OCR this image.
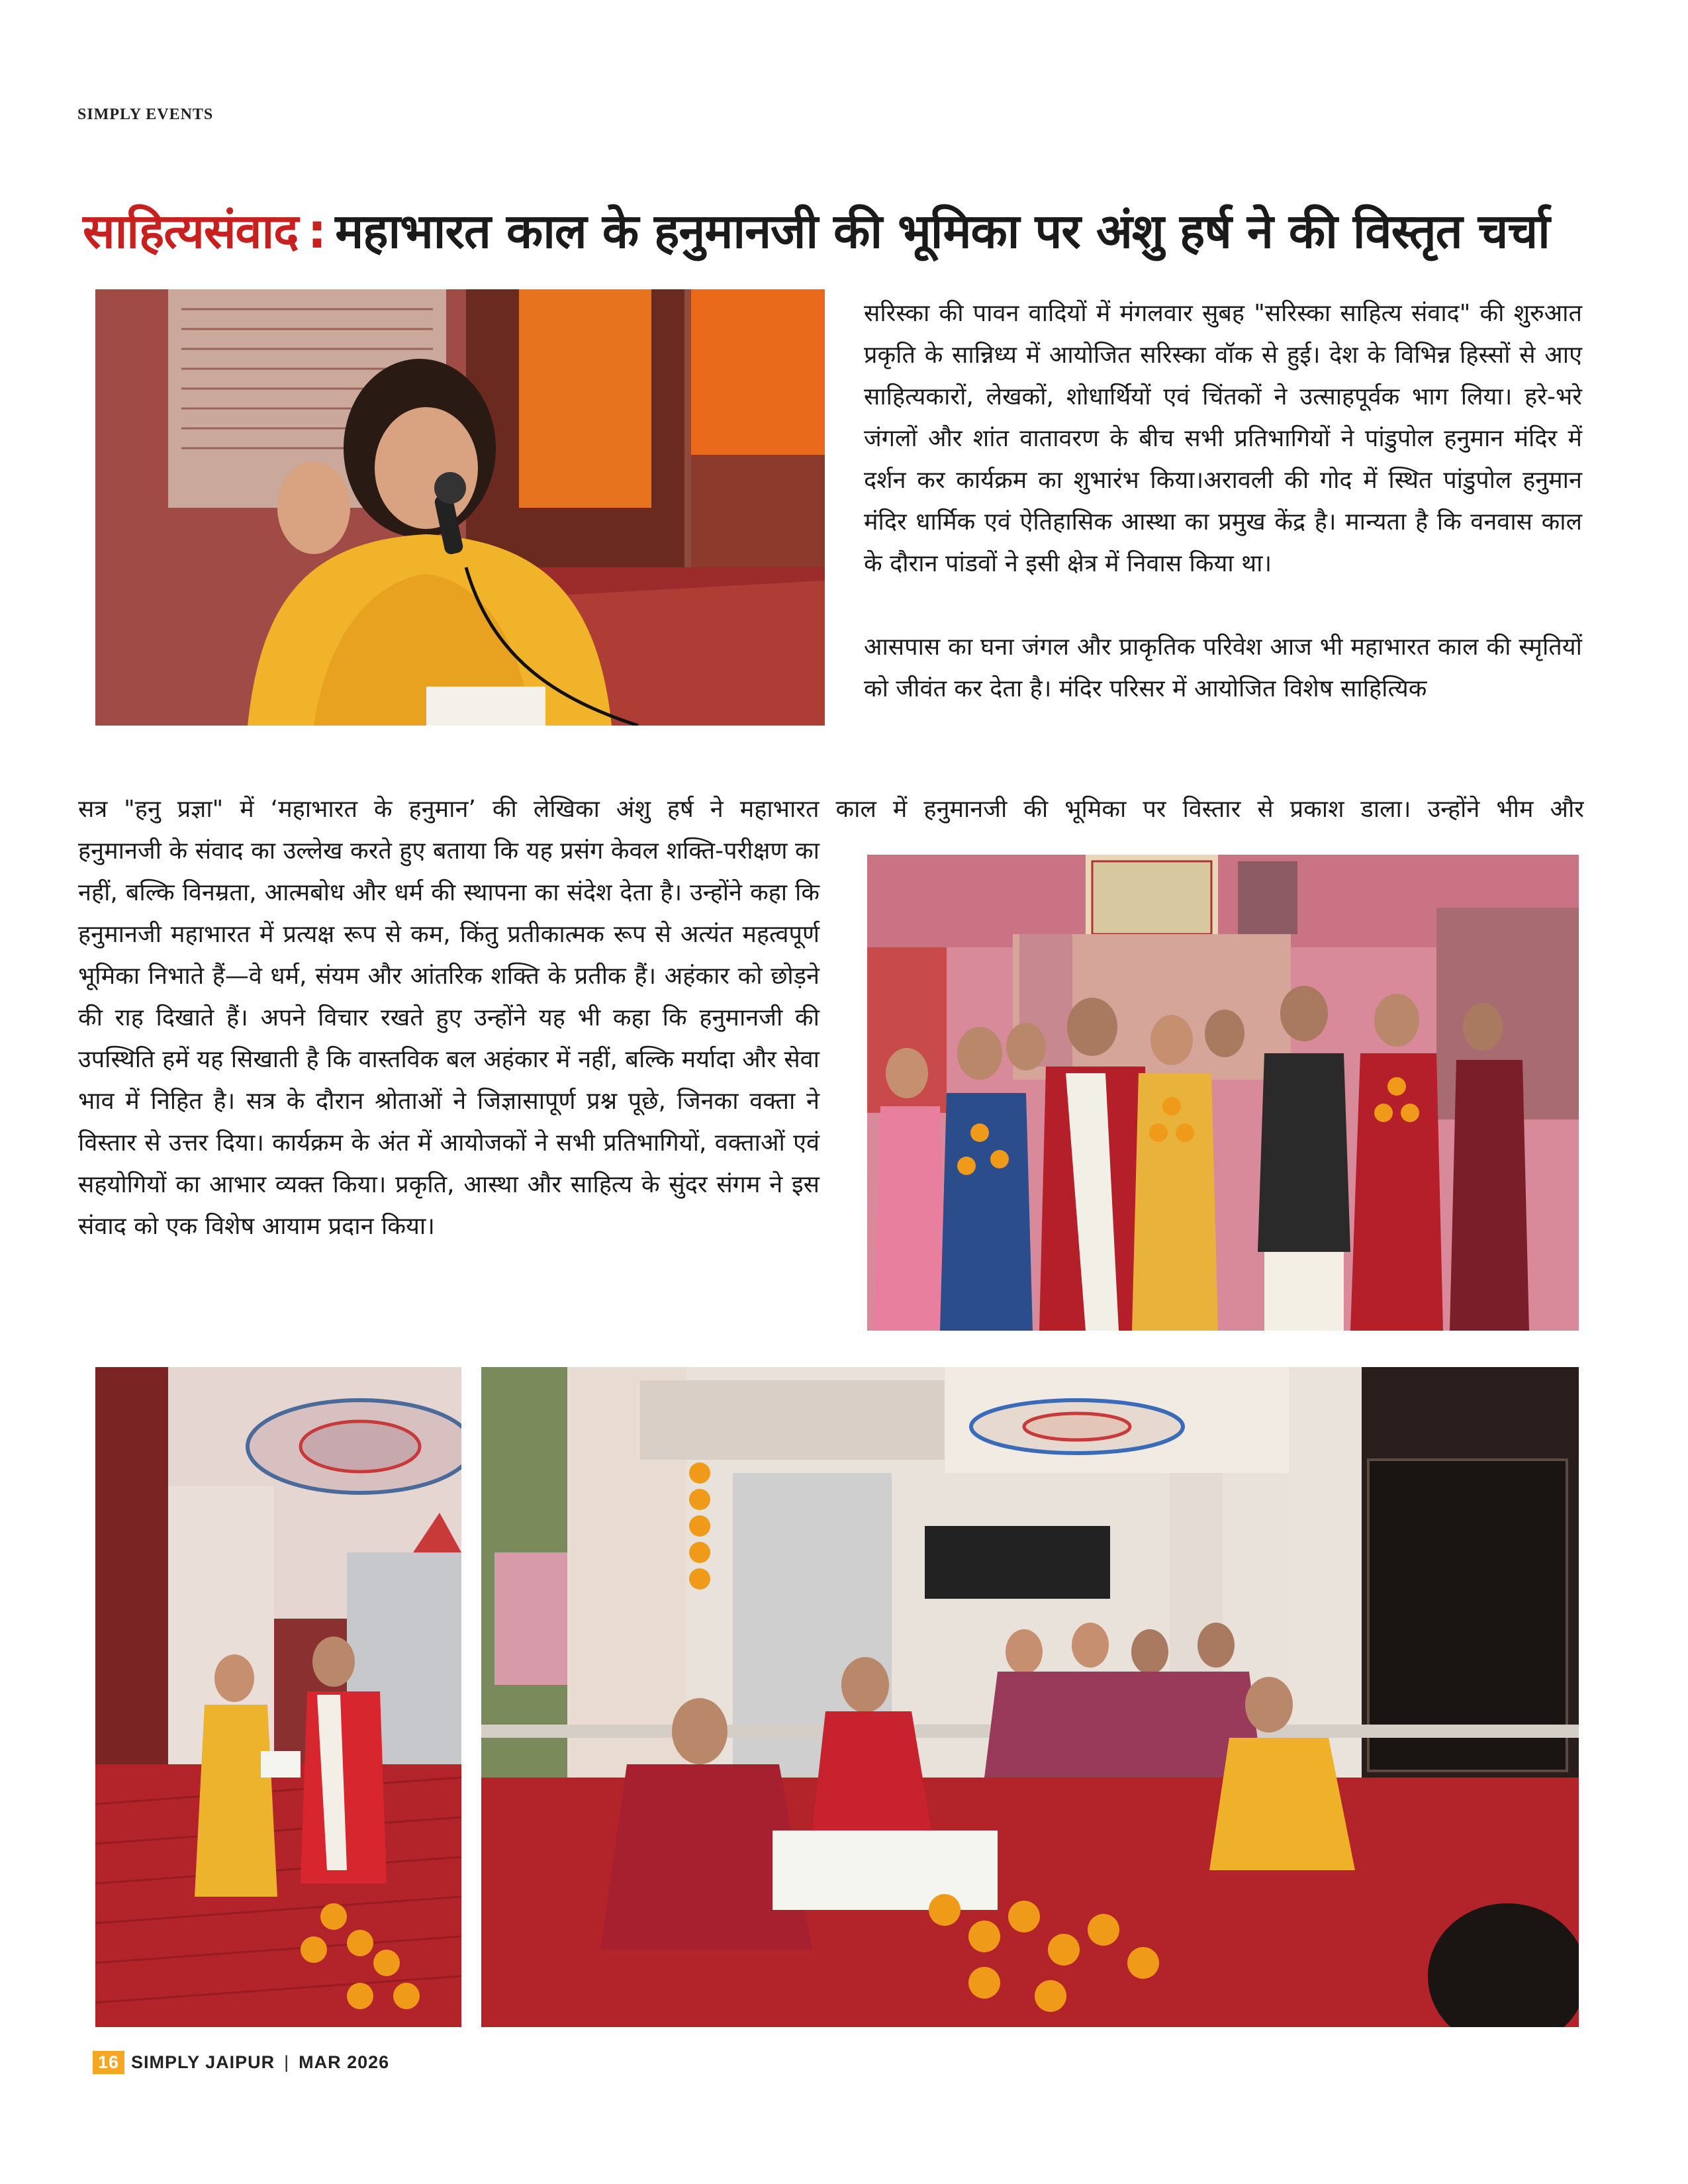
SIMPLY EVENTS
साहित्यसंवाद : महाभारत काल के हनुमानजी की भूमिका पर अंशु हर्ष ने की विस्तृत चर्चा

सरिस्का की पावन वादियों में मंगलवार सुबह "सरिस्का साहित्य संवाद" की शुरुआत प्रकृति के सान्निध्य में आयोजित सरिस्का वॉक से हुई। देश के विभिन्न हिस्सों से आए साहित्यकारों, लेखकों, शोधार्थियों एवं चिंतकों ने उत्साहपूर्वक भाग लिया। हरे-भरे जंगलों और शांत वातावरण के बीच सभी प्रतिभागियों ने पांडुपोल हनुमान मंदिर में दर्शन कर कार्यक्रम का शुभारंभ किया।अरावली की गोद में स्थित पांडुपोल हनुमान मंदिर धार्मिक एवं ऐतिहासिक आस्था का प्रमुख केंद्र है। मान्यता है कि वनवास काल के दौरान पांडवों ने इसी क्षेत्र में निवास किया था।

आसपास का घना जंगल और प्राकृतिक परिवेश आज भी महाभारत काल की स्मृतियों को जीवंत कर देता है। मंदिर परिसर में आयोजित विशेष साहित्यिक

सत्र "हनु प्रज्ञा" में ‘महाभारत के हनुमान’ की लेखिका अंशु हर्ष ने महाभारत काल में हनुमानजी की भूमिका पर विस्तार से प्रकाश डाला। उन्होंने भीम और
हनुमानजी के संवाद का उल्लेख करते हुए बताया कि यह प्रसंग केवल शक्ति-परीक्षण का नहीं, बल्कि विनम्रता, आत्मबोध और धर्म की स्थापना का संदेश देता है। उन्होंने कहा कि हनुमानजी महाभारत में प्रत्यक्ष रूप से कम, किंतु प्रतीकात्मक रूप से अत्यंत महत्वपूर्ण भूमिका निभाते हैं—वे धर्म, संयम और आंतरिक शक्ति के प्रतीक हैं। अहंकार को छोड़ने की राह दिखाते हैं। अपने विचार रखते हुए उन्होंने यह भी कहा कि हनुमानजी की उपस्थिति हमें यह सिखाती है कि वास्तविक बल अहंकार में नहीं, बल्कि मर्यादा और सेवा भाव में निहित है। सत्र के दौरान श्रोताओं ने जिज्ञासापूर्ण प्रश्न पूछे, जिनका वक्ता ने विस्तार से उत्तर दिया। कार्यक्रम के अंत में आयोजकों ने सभी प्रतिभागियों, वक्ताओं एवं सहयोगियों का आभार व्यक्त किया। प्रकृति, आस्था और साहित्य के सुंदर संगम ने इस संवाद को एक विशेष आयाम प्रदान किया।
16 SIMPLY JAIPUR | MAR 2026
